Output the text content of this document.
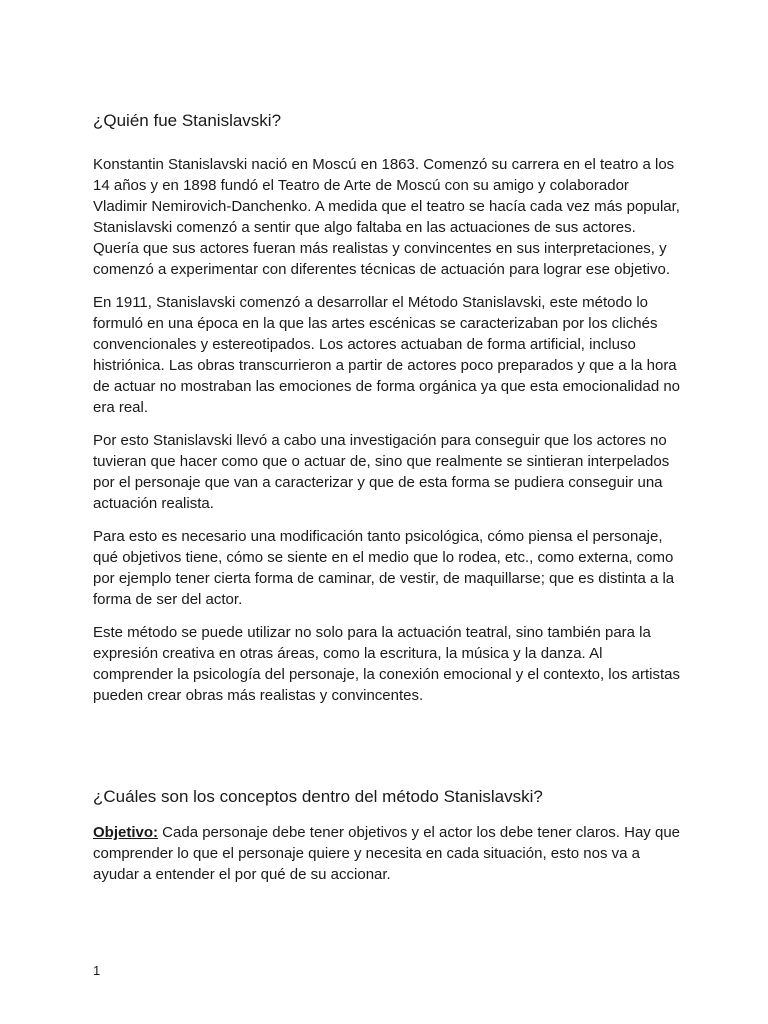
¿Quién fue Stanislavski?

Konstantin Stanislavski nació en Moscú en 1863. Comenzó su carrera en el teatro a los 14 años y en 1898 fundó el Teatro de Arte de Moscú con su amigo y colaborador Vladimir Nemirovich-Danchenko. A medida que el teatro se hacía cada vez más popular, Stanislavski comenzó a sentir que algo faltaba en las actuaciones de sus actores. Quería que sus actores fueran más realistas y convincentes en sus interpretaciones, y comenzó a experimentar con diferentes técnicas de actuación para lograr ese objetivo.

En 1911, Stanislavski comenzó a desarrollar el Método Stanislavski, este método lo formuló en una época en la que las artes escénicas se caracterizaban por los clichés convencionales y estereotipados. Los actores actuaban de forma artificial, incluso histriónica. Las obras transcurrieron a partir de actores poco preparados y que a la hora de actuar no mostraban las emociones de forma orgánica ya que esta emocionalidad no era real.

Por esto Stanislavski llevó a cabo una investigación para conseguir que los actores no tuvieran que hacer como que o actuar de, sino que realmente se sintieran interpelados por el personaje que van a caracterizar y que de esta forma se pudiera conseguir una actuación realista.

Para esto es necesario una modificación tanto psicológica, cómo piensa el personaje, qué objetivos tiene, cómo se siente en el medio que lo rodea, etc., como externa, como por ejemplo tener cierta forma de caminar, de vestir, de maquillarse; que es distinta a la forma de ser del actor.

Este método se puede utilizar no solo para la actuación teatral, sino también para la expresión creativa en otras áreas, como la escritura, la música y la danza. Al comprender la psicología del personaje, la conexión emocional y el contexto, los artistas pueden crear obras más realistas y convincentes.

¿Cuáles son los conceptos dentro del método Stanislavski?

Objetivo: Cada personaje debe tener objetivos y el actor los debe tener claros. Hay que comprender lo que el personaje quiere y necesita en cada situación, esto nos va a ayudar a entender el por qué de su accionar.

1
